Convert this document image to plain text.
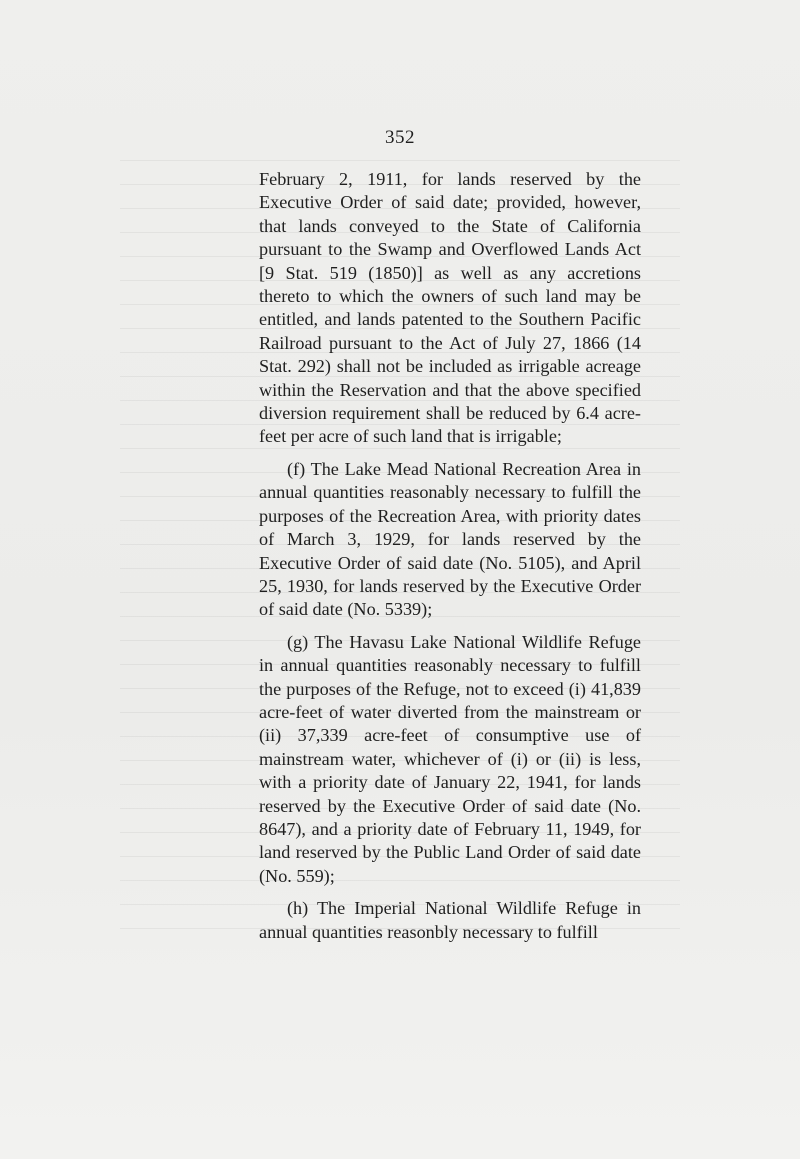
352

February 2, 1911, for lands reserved by the Executive Order of said date; provided, however, that lands conveyed to the State of California pursuant to the Swamp and Overflowed Lands Act [9 Stat. 519 (1850)] as well as any accretions thereto to which the owners of such land may be entitled, and lands patented to the Southern Pacific Railroad pursuant to the Act of July 27, 1866 (14 Stat. 292) shall not be included as irrigable acreage within the Reservation and that the above specified diversion requirement shall be reduced by 6.4 acre-feet per acre of such land that is irrigable;

(f) The Lake Mead National Recreation Area in annual quantities reasonably necessary to fulfill the purposes of the Recreation Area, with priority dates of March 3, 1929, for lands reserved by the Executive Order of said date (No. 5105), and April 25, 1930, for lands reserved by the Executive Order of said date (No. 5339);

(g) The Havasu Lake National Wildlife Refuge in annual quantities reasonably necessary to fulfill the purposes of the Refuge, not to exceed (i) 41,839 acre-feet of water diverted from the mainstream or (ii) 37,339 acre-feet of consumptive use of mainstream water, whichever of (i) or (ii) is less, with a priority date of January 22, 1941, for lands reserved by the Executive Order of said date (No. 8647), and a priority date of February 11, 1949, for land reserved by the Public Land Order of said date (No. 559);

(h) The Imperial National Wildlife Refuge in annual quantities reasonbly necessary to fulfill
